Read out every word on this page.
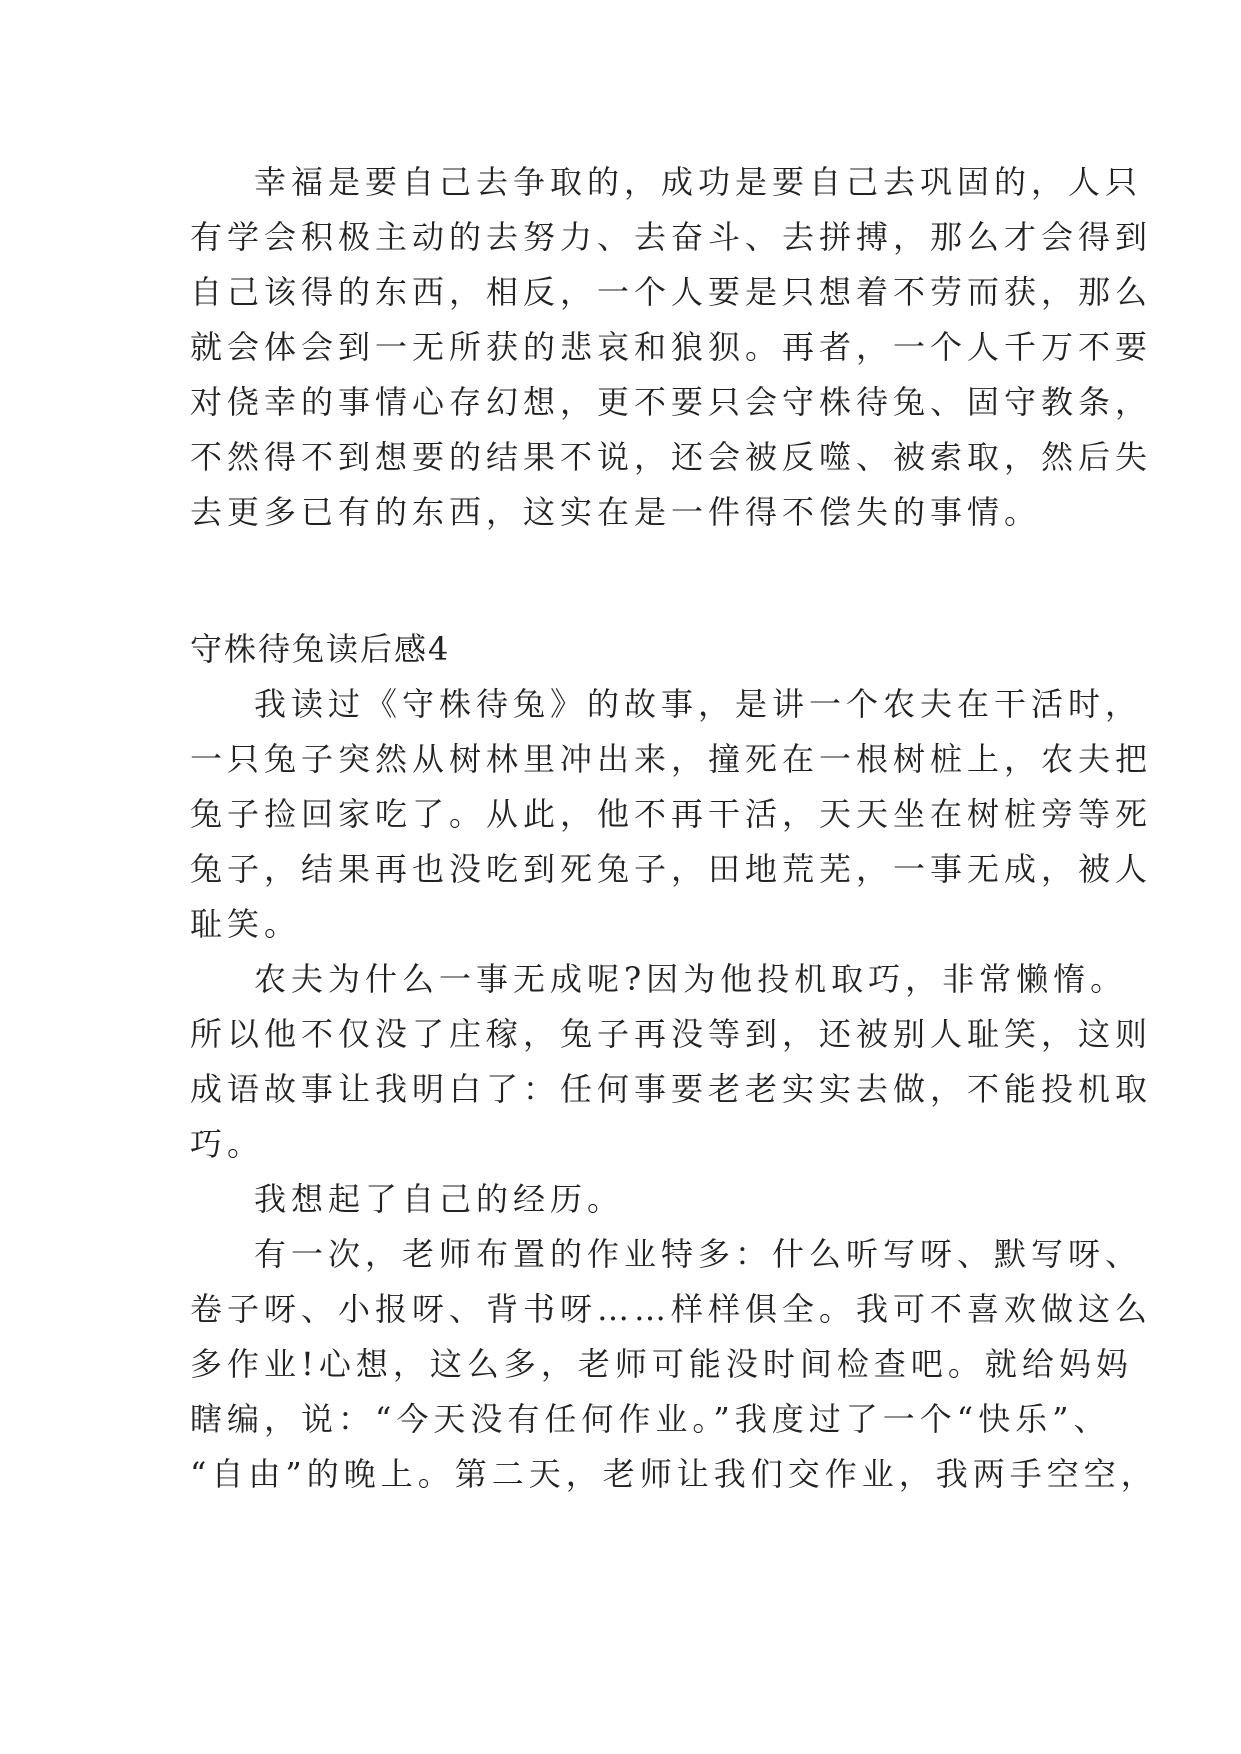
幸福是要自己去争取的，成功是要自己去巩固的，人只
有学会积极主动的去努力、去奋斗、去拼搏，那么才会得到
自己该得的东西，相反，一个人要是只想着不劳而获，那么
就会体会到一无所获的悲哀和狼狈。再者，一个人千万不要
对侥幸的事情心存幻想，更不要只会守株待兔、固守教条，
不然得不到想要的结果不说，还会被反噬、被索取，然后失
去更多已有的东西，这实在是一件得不偿失的事情。
守株待兔读后感4
我读过《守株待兔》的故事，是讲一个农夫在干活时，
一只兔子突然从树林里冲出来，撞死在一根树桩上，农夫把
兔子捡回家吃了。从此，他不再干活，天天坐在树桩旁等死
兔子，结果再也没吃到死兔子，田地荒芜，一事无成，被人
耻笑。
农夫为什么一事无成呢?因为他投机取巧，非常懒惰。
所以他不仅没了庄稼，兔子再没等到，还被别人耻笑，这则
成语故事让我明白了：任何事要老老实实去做，不能投机取
巧。
我想起了自己的经历。
有一次，老师布置的作业特多：什么听写呀、默写呀、
卷子呀、小报呀、背书呀……样样俱全。我可不喜欢做这么
多作业!心想，这么多，老师可能没时间检查吧。就给妈妈
瞎编，说：“今天没有任何作业。”我度过了一个“快乐”、
“自由”的晚上。第二天，老师让我们交作业，我两手空空，
